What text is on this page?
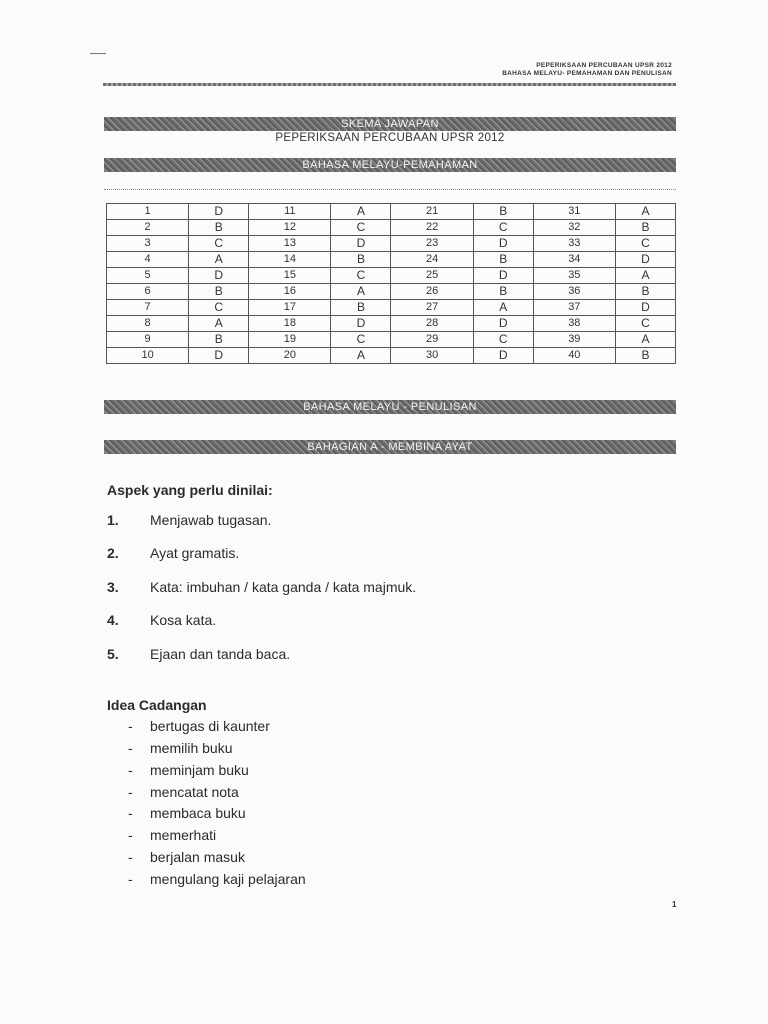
PEPERIKSAAN PERCUBAAN UPSR 2012
BAHASA MELAYU- PEMAHAMAN DAN PENULISAN
SKEMA JAWAPAN
PEPERIKSAAN PERCUBAAN UPSR 2012
BAHASA MELAYU-PEMAHAMAN
1	D	11	A	21	B	31	A
2	B	12	C	22	C	32	B
3	C	13	D	23	D	33	C
4	A	14	B	24	B	34	D
5	D	15	C	25	D	35	A
6	B	16	A	26	B	36	B
7	C	17	B	27	A	37	D
8	A	18	D	28	D	38	C
9	B	19	C	29	C	39	A
10	D	20	A	30	D	40	B
BAHASA MELAYU - PENULISAN
BAHAGIAN A - MEMBINA AYAT
Aspek yang perlu dinilai:
1. Menjawab tugasan.
2. Ayat gramatis.
3. Kata: imbuhan / kata ganda / kata majmuk.
4. Kosa kata.
5. Ejaan dan tanda baca.
Idea Cadangan
- bertugas di kaunter
- memilih buku
- meminjam buku
- mencatat nota
- membaca buku
- memerhati
- berjalan masuk
- mengulang kaji pelajaran
1
